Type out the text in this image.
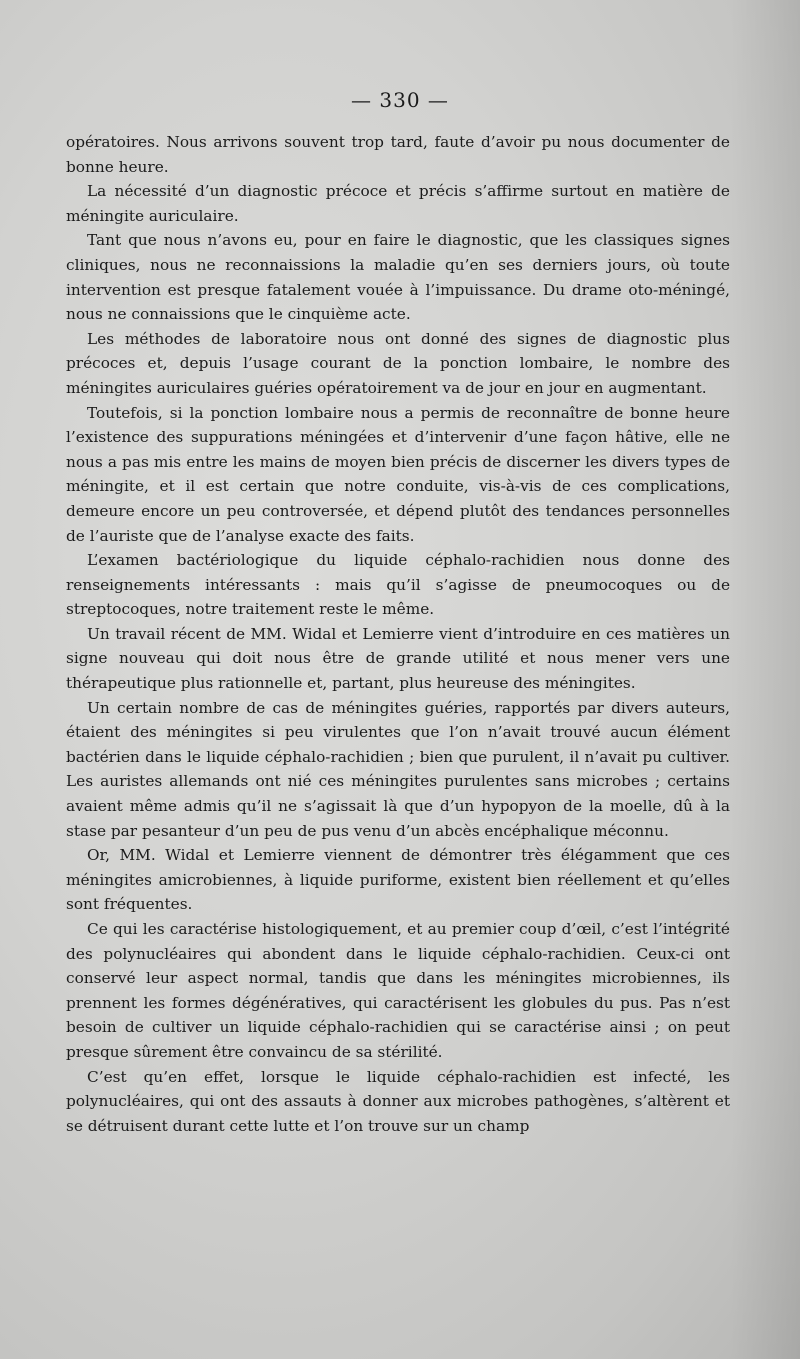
— 330 —

opératoires. Nous arrivons souvent trop tard, faute d’avoir pu nous documenter de bonne heure.

La nécessité d’un diagnostic précoce et précis s’affirme surtout en matière de méningite auriculaire.

Tant que nous n’avons eu, pour en faire le diagnostic, que les classiques signes cliniques, nous ne reconnaissions la maladie qu’en ses derniers jours, où toute intervention est presque fatalement vouée à l’impuissance. Du drame oto-méningé, nous ne connaissions que le cinquième acte.

Les méthodes de laboratoire nous ont donné des signes de diagnostic plus précoces et, depuis l’usage courant de la ponction lombaire, le nombre des méningites auriculaires guéries opératoirement va de jour en jour en augmentant.

Toutefois, si la ponction lombaire nous a permis de reconnaître de bonne heure l’existence des suppurations méningées et d’intervenir d’une façon hâtive, elle ne nous a pas mis entre les mains de moyen bien précis de discerner les divers types de méningite, et il est certain que notre conduite, vis-à-vis de ces complications, demeure encore un peu controversée, et dépend plutôt des tendances personnelles de l’auriste que de l’analyse exacte des faits.

L’examen bactériologique du liquide céphalo-rachidien nous donne des renseignements intéressants : mais qu’il s’agisse de pneumocoques ou de streptocoques, notre traitement reste le même.

Un travail récent de MM. Widal et Lemierre vient d’introduire en ces matières un signe nouveau qui doit nous être de grande utilité et nous mener vers une thérapeutique plus rationnelle et, partant, plus heureuse des méningites.

Un certain nombre de cas de méningites guéries, rapportés par divers auteurs, étaient des méningites si peu virulentes que l’on n’avait trouvé aucun élément bactérien dans le liquide céphalo-rachidien ; bien que purulent, il n’avait pu cultiver. Les auristes allemands ont nié ces méningites purulentes sans microbes ; certains avaient même admis qu’il ne s’agissait là que d’un hypopyon de la moelle, dû à la stase par pesanteur d’un peu de pus venu d’un abcès encéphalique méconnu.

Or, MM. Widal et Lemierre viennent de démontrer très élégamment que ces méningites amicrobiennes, à liquide puriforme, existent bien réellement et qu’elles sont fréquentes.

Ce qui les caractérise histologiquement, et au premier coup d’œil, c’est l’intégrité des polynucléaires qui abondent dans le liquide céphalo-rachidien. Ceux-ci ont conservé leur aspect normal, tandis que dans les méningites microbiennes, ils prennent les formes dégénératives, qui caractérisent les globules du pus. Pas n’est besoin de cultiver un liquide céphalo-rachidien qui se caractérise ainsi ; on peut presque sûrement être convaincu de sa stérilité.

C’est qu’en effet, lorsque le liquide céphalo-rachidien est infecté, les polynucléaires, qui ont des assauts à donner aux microbes pathogènes, s’altèrent et se détruisent durant cette lutte et l’on trouve sur un champ
